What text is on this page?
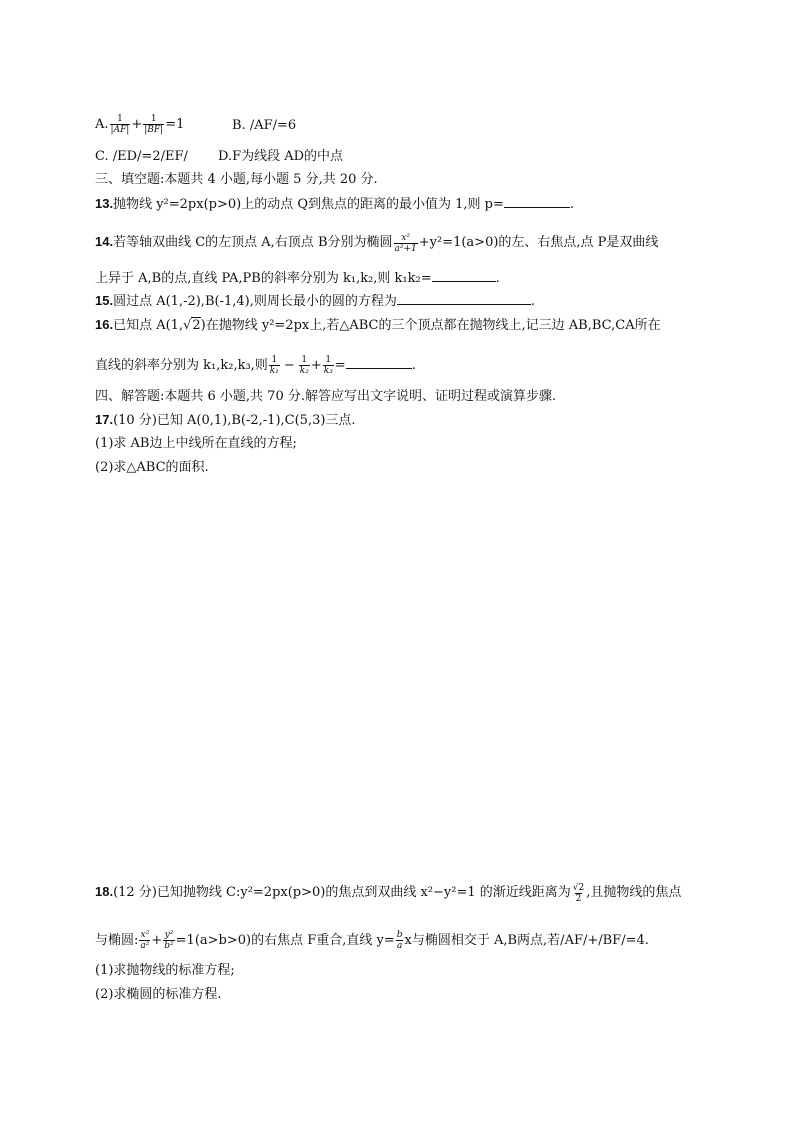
A. $\frac{1}{|AF|} + \frac{1}{|BF|} =1$	B. /AF/=6
C. /ED/=2/EF/ D.F为线段 AD的中点
三、填空题:本题共 4 小题,每小题 5 分,共 20 分.
13.抛物线 y²=2px(p>0)上的动点 Q到焦点的距离的最小值为 1,则 p=	.
14.若等轴双曲线 C的左顶点 A,右顶点 B分别为椭圆 $\frac{\text{x²}}{\text{a²+1}} +y^2=1(a>0)$的左、右焦点,点 P是双曲线
上异于 A,B的点,直线 PA,PB的斜率分别为 k₁,k₂,则 k₁k₂=	.
15.圆过点 A(1,-2),B(-1,4),则周长最小的圆的方程为	.
16.已知点 A(1,√2)在抛物线 y²=2px上,若△ABC的三个顶点都在抛物线上,记三边 AB,BC,CA所在
直线的斜率分别为 k₁,k₂,k₃,则 $\frac{1}{\text{k₁}} - \frac{1}{\text{k₂}} + \frac{1}{\text{k₃}}$ =	.
四、解答题:本题共 6 小题,共 70 分.解答应写出文字说明、证明过程或演算步骤.
17.(10 分)已知 A(0,1),B(-2,-1),C(5,3)三点.
(1)求 AB边上中线所在直线的方程;
(2)求△ABC的面积.
18.(12 分)已知抛物线 C:y²=2px(p>0)的焦点到双曲线 x²−y²=1 的渐近线距离为 $\frac{√2}{2}$ ,且抛物线的焦点
与椭圆: $\frac{\text{x²}}{\text{a²}} + \frac{\text{y²}}{\text{b²}} =1(a>b>0)$的右焦点 F重合,直线 $y= \frac{b}{a}$ x与椭圆相交于 A,B两点,若/AF/+/BF/=4.
(1)求抛物线的标准方程;
(2)求椭圆的标准方程.
